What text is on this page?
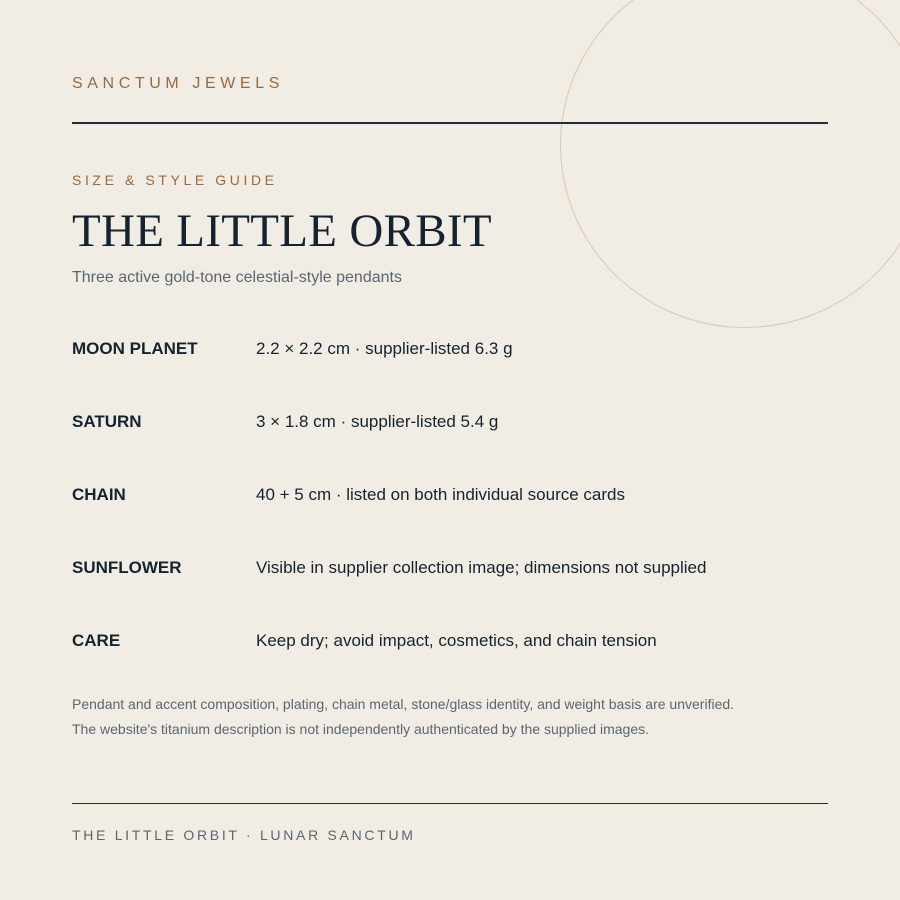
SANCTUM JEWELS
SIZE & STYLE GUIDE
THE LITTLE ORBIT
Three active gold-tone celestial-style pendants
MOON PLANET	2.2 × 2.2 cm · supplier-listed 6.3 g
SATURN	3 × 1.8 cm · supplier-listed 5.4 g
CHAIN	40 + 5 cm · listed on both individual source cards
SUNFLOWER	Visible in supplier collection image; dimensions not supplied
CARE	Keep dry; avoid impact, cosmetics, and chain tension
Pendant and accent composition, plating, chain metal, stone/glass identity, and weight basis are unverified.
The website's titanium description is not independently authenticated by the supplied images.
THE LITTLE ORBIT · LUNAR SANCTUM
